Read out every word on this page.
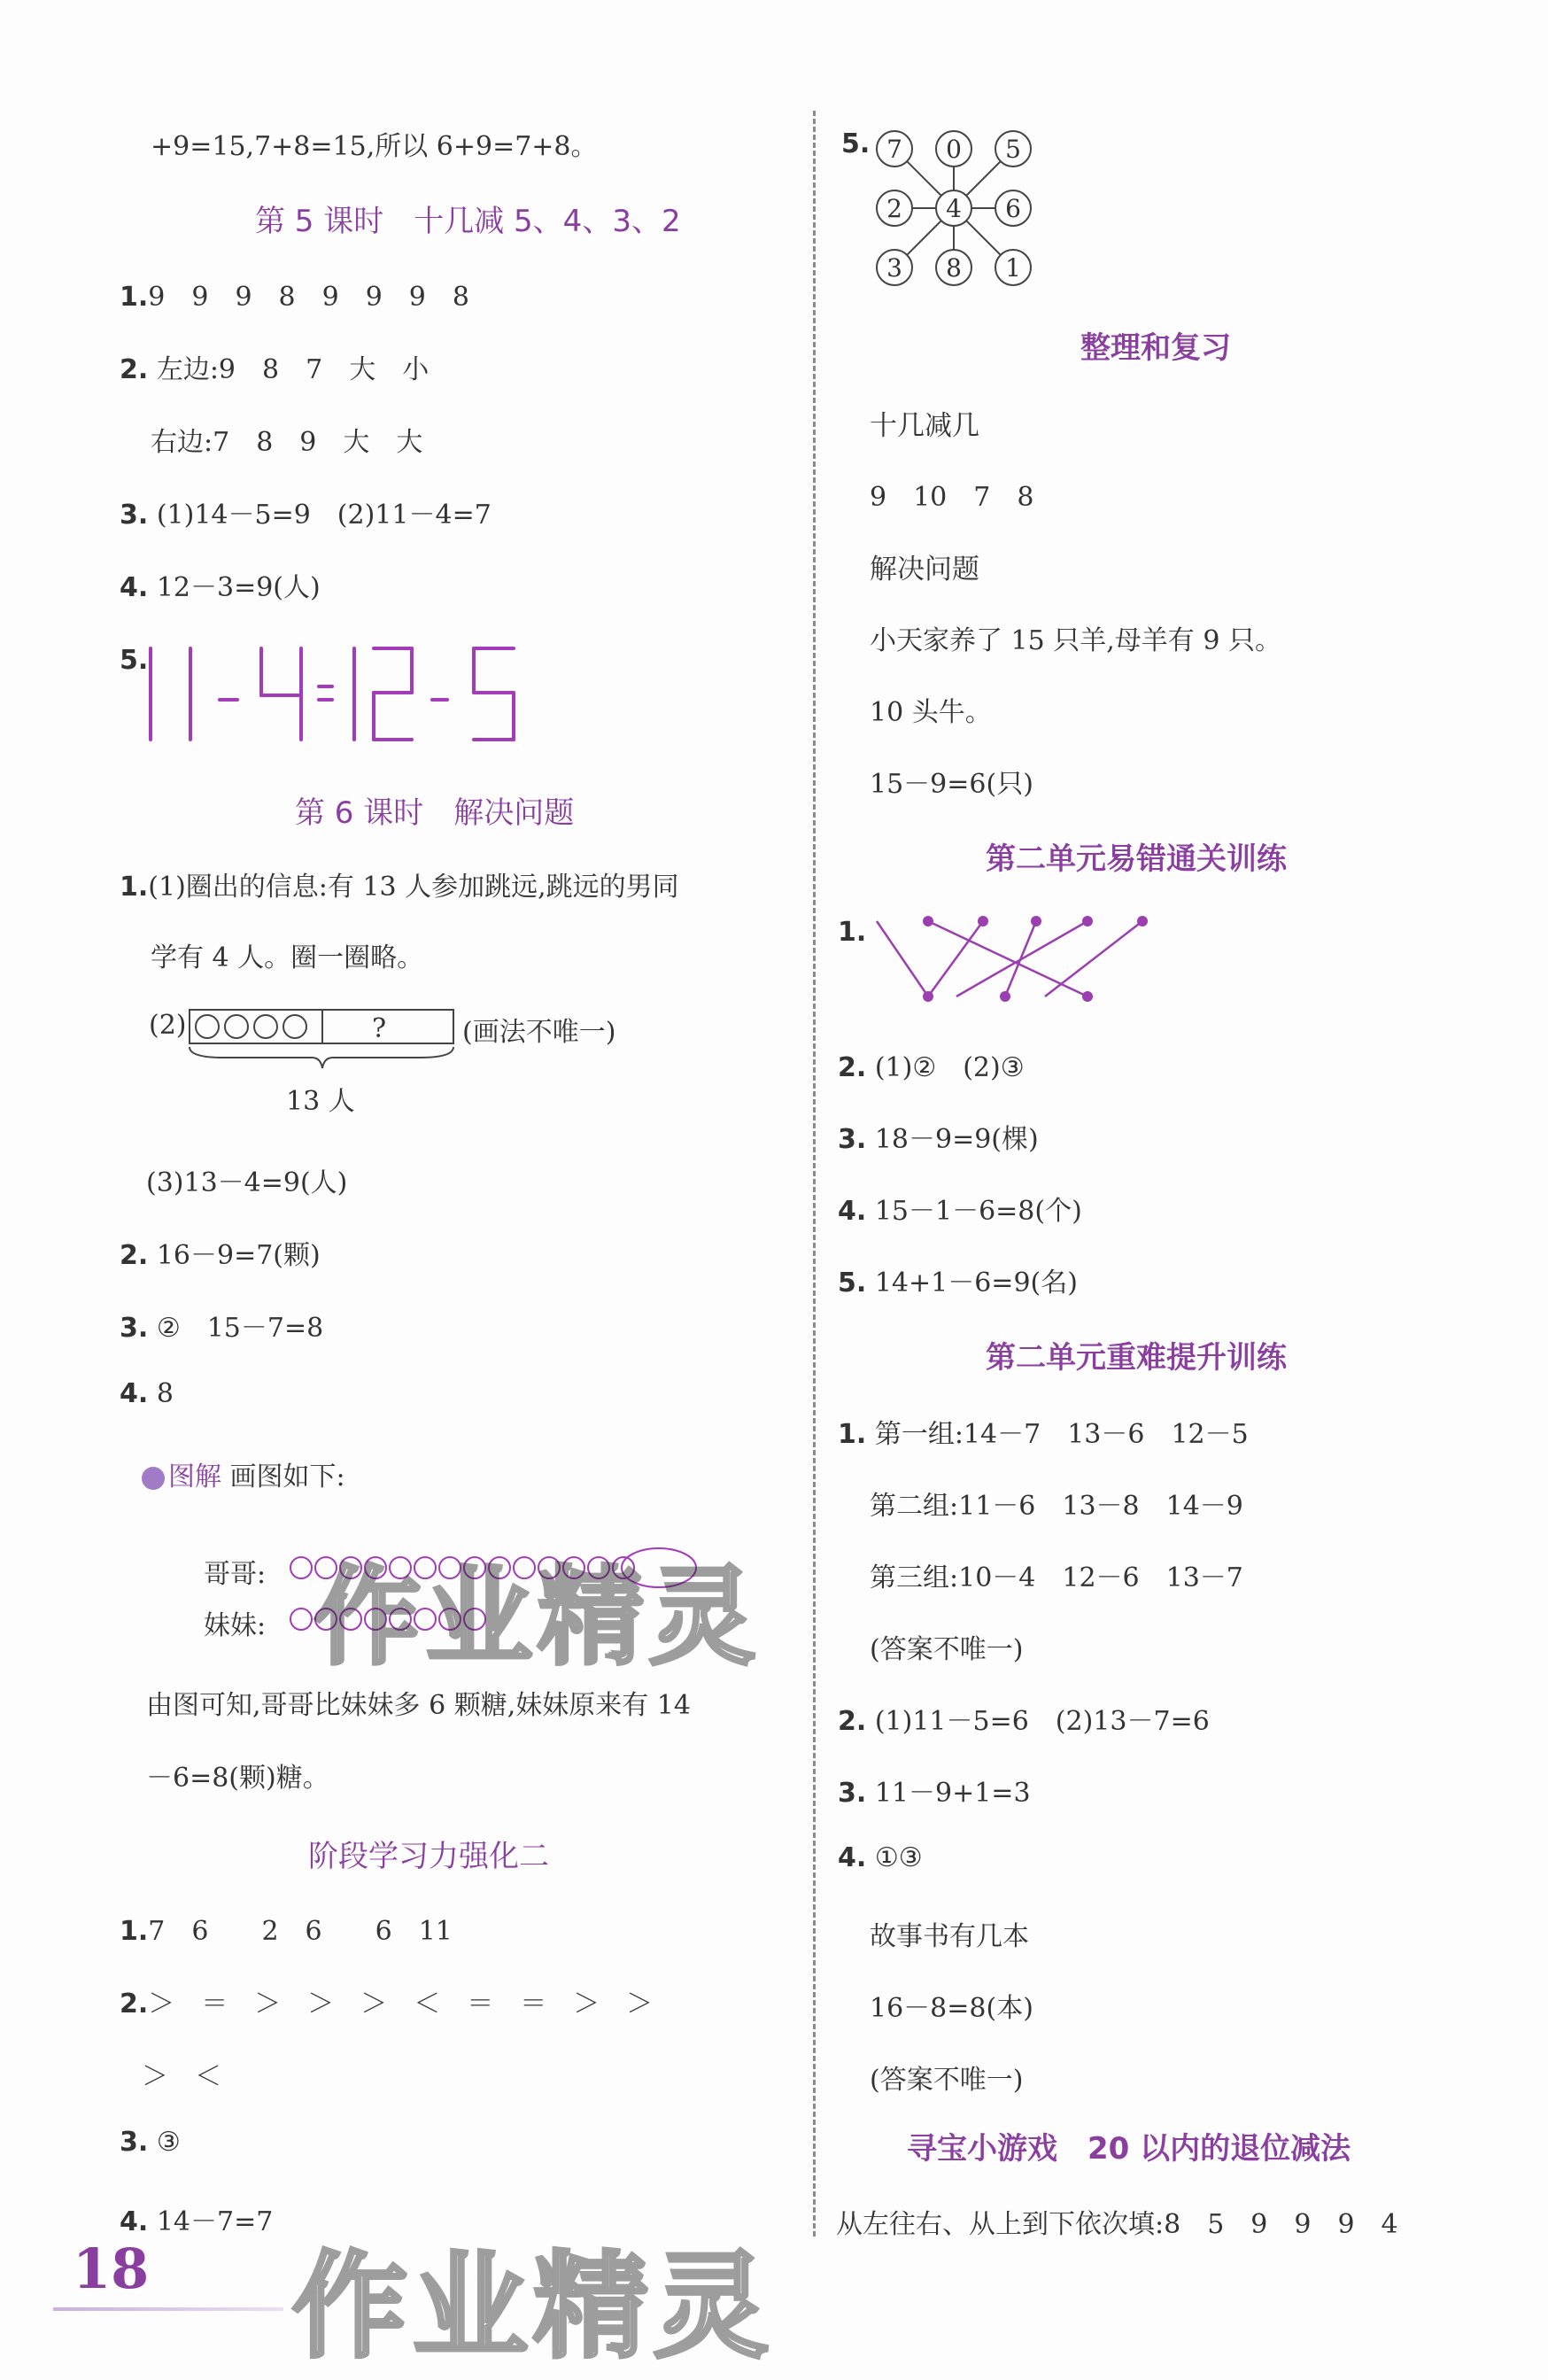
+9=15,7+8=15,所以 6+9=7+8。
第 5 课时　十几减 5、4、3、2
1.9　9　9　8　9　9　9　8
2. 左边:9　8　7　大　小
右边:7　8　9　大　大
3. (1)14－5=9　(2)11－4=7
4. 12－3=9(人)
5.
第 6 课时　解决问题
1.(1)圈出的信息:有 13 人参加跳远,跳远的男同
学有 4 人。圈一圈略。
(2)	?	(画法不唯一)
13 人
(3)13－4=9(人)
2. 16－9=7(颗)
3. ②　15－7=8
4. 8
图解 画图如下:
哥哥:
妹妹:
由图可知,哥哥比妹妹多 6 颗糖,妹妹原来有 14
－6=8(颗)糖。
阶段学习力强化二
1.7　6　　2　6　　6　11
2.＞　＝　＞　＞　＞　＜　＝　＝　＞　＞
＞　＜
3. ③
4. 14－7=7
5. 7 0 5
2 4 6
3 8 1
整理和复习
十几减几
9　10　7　8
解决问题
小天家养了 15 只羊,母羊有 9 只。
10 头牛。
15－9=6(只)
第二单元易错通关训练
1.
2. (1)②　(2)③
3. 18－9=9(棵)
4. 15－1－6=8(个)
5. 14+1－6=9(名)
第二单元重难提升训练
1. 第一组:14－7　13－6　12－5
第二组:11－6　13－8　14－9
第三组:10－4　12－6　13－7
(答案不唯一)
2. (1)11－5=6　(2)13－7=6
3. 11－9+1=3
4. ①③
故事书有几本
16－8=8(本)
(答案不唯一)
寻宝小游戏　20 以内的退位减法
从左往右、从上到下依次填:8　5　9　9　9　4
18
作业精灵
作业精灵
